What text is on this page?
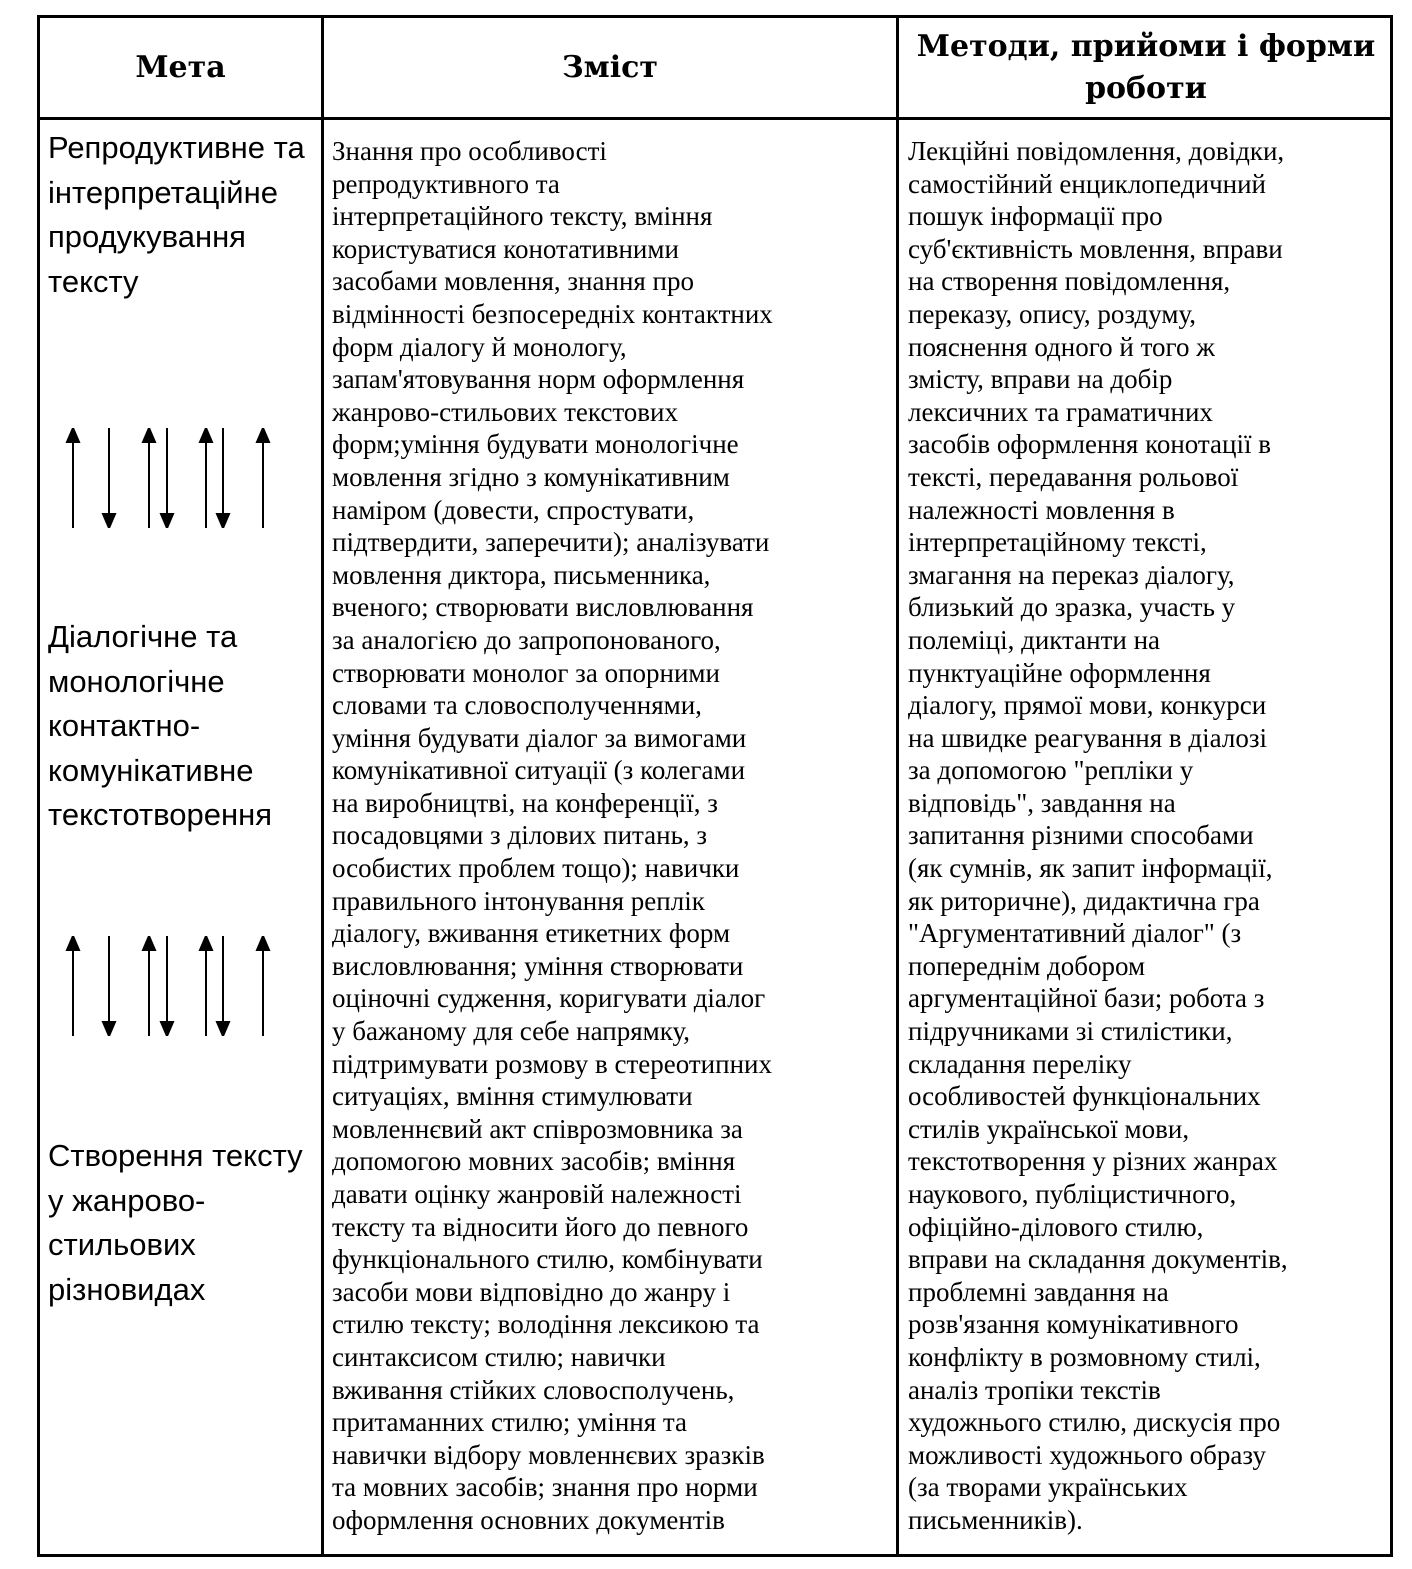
Мета	Зміст
Методи, прийоми і форми роботи
Репродуктивне та інтерпретаційне продукування тексту
Діалогічне та монологічне контактно-комунікативне текстотворення
Створення тексту у жанрово-стильових різновидах
Знання про особливості
репродуктивного та
інтерпретаційного тексту, вміння
користуватися конотативними
засобами мовлення, знання про
відмінності безпосередніх контактних
форм діалогу й монологу,
запам'ятовування норм оформлення
жанрово-стильових текстових
форм;уміння будувати монологічне
мовлення згідно з комунікативним
наміром (довести, спростувати,
підтвердити, заперечити); аналізувати
мовлення диктора, письменника,
вченого; створювати висловлювання
за аналогією до запропонованого,
створювати монолог за опорними
словами та словосполученнями,
уміння будувати діалог за вимогами
комунікативної ситуації (з колегами
на виробництві, на конференції, з
посадовцями з ділових питань, з
особистих проблем тощо); навички
правильного інтонування реплік
діалогу, вживання етикетних форм
висловлювання; уміння створювати
оціночні судження, коригувати діалог
у бажаному для себе напрямку,
підтримувати розмову в стереотипних
ситуаціях, вміння стимулювати
мовленнєвий акт співрозмовника за
допомогою мовних засобів; вміння
давати оцінку жанровій належності
тексту та відносити його до певного
функціонального стилю, комбінувати
засоби мови відповідно до жанру і
стилю тексту; володіння лексикою та
синтаксисом стилю; навички
вживання стійких словосполучень,
притаманних стилю; уміння та
навички відбору мовленнєвих зразків
та мовних засобів; знання про норми
оформлення основних документів
Лекційні повідомлення, довідки,
самостійний енциклопедичний
пошук інформації про
суб'єктивність мовлення, вправи
на створення повідомлення,
переказу, опису, роздуму,
пояснення одного й того ж
змісту, вправи на добір
лексичних та граматичних
засобів оформлення конотації в
тексті, передавання рольової
належності мовлення в
інтерпретаційному тексті,
змагання на переказ діалогу,
близький до зразка, участь у
полеміці, диктанти на
пунктуаційне оформлення
діалогу, прямої мови, конкурси
на швидке реагування в діалозі
за допомогою "репліки у
відповідь", завдання на
запитання різними способами
(як сумнів, як запит інформації,
як риторичне), дидактична гра
"Аргументативний діалог" (з
попереднім добором
аргументаційної бази; робота з
підручниками зі стилістики,
складання переліку
особливостей функціональних
стилів української мови,
текстотворення у різних жанрах
наукового, публіцистичного,
офіційно-ділового стилю,
вправи на складання документів,
проблемні завдання на
розв'язання комунікативного
конфлікту в розмовному стилі,
аналіз тропіки текстів
художнього стилю, дискусія про
можливості художнього образу
(за творами українських
письменників).
